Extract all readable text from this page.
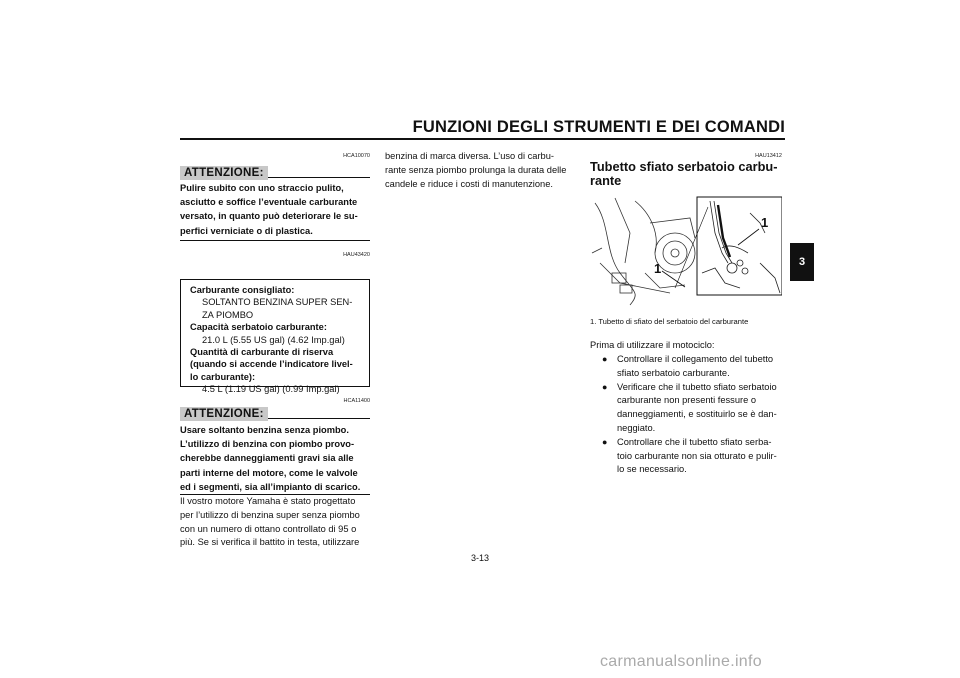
FUNZIONI DEGLI STRUMENTI E DEI COMANDI
3
HCA10070
ATTENZIONE:
Pulire subito con uno straccio pulito,
asciutto e soffice l’eventuale carburante
versato, in quanto può deteriorare le su-
perfici verniciate o di plastica.
HAU43420
Carburante consigliato:
SOLTANTO BENZINA SUPER SEN-
ZA PIOMBO
Capacità serbatoio carburante:
21.0 L (5.55 US gal) (4.62 Imp.gal)
Quantità di carburante di riserva
(quando si accende l’indicatore livel-
lo carburante):
4.5 L (1.19 US gal) (0.99 Imp.gal)
HCA11400
ATTENZIONE:
Usare soltanto benzina senza piombo.
L’utilizzo di benzina con piombo provo-
cherebbe danneggiamenti gravi sia alle
parti interne del motore, come le valvole
ed i segmenti, sia all’impianto di scarico.
Il vostro motore Yamaha è stato progettato
per l’utilizzo di benzina super senza piombo
con un numero di ottano controllato di 95 o
più. Se si verifica il battito in testa, utilizzare
benzina di marca diversa. L’uso di carbu-
rante senza piombo prolunga la durata delle
candele e riduce i costi di manutenzione.
HAU13412
Tubetto sfiato serbatoio carbu-
rante
1
1
1. Tubetto di sfiato del serbatoio del carburante
Prima di utilizzare il motociclo:
● Controllare il collegamento del tubetto
sfiato serbatoio carburante.
● Verificare che il tubetto sfiato serbatoio
carburante non presenti fessure o
danneggiamenti, e sostituirlo se è dan-
neggiato.
● Controllare che il tubetto sfiato serba-
toio carburante non sia otturato e pulir-
lo se necessario.
3-13
carmanualsonline.info
